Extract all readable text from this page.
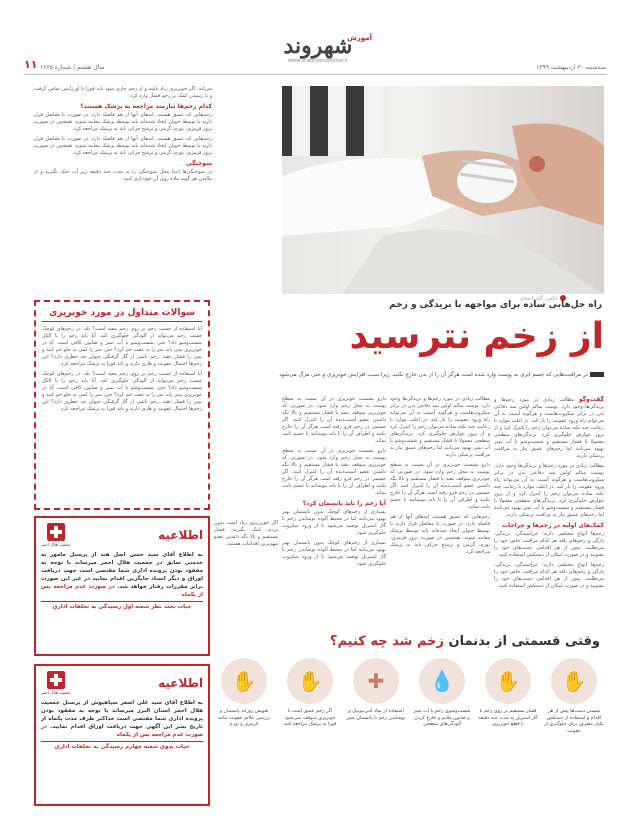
سه‌شنبه ۳۰ اردیبهشت ۱۳۹۹
آموزش
شهروند
www.shahrvandonline.ir
سال هشتم | شماره ۱۲۶۵
۱۱

می‌کند. اگر خونریزی زیاد باشد و از زخم جاری شود باید فورا با اورژانس تماس گرفت و تا رسیدن کمک بر زخم فشار وارد کرد.

کدام زخم‌ها نیازمند مراجعه به پزشک هستند؟

زخم‌هایی که عمیق هستند، لبه‌های آنها از هم فاصله دارد، در صورت یا مفاصل قرار دارند یا توسط حیوان ایجاد شده‌اند باید توسط پزشک معاینه شوند. همچنین در صورت بروز قرمزی، تورم، گرمی و ترشح چرکی باید به پزشک مراجعه کرد.

زخم‌هایی که عمیق هستند، لبه‌های آنها از هم فاصله دارد، در صورت یا مفاصل قرار دارند یا توسط حیوان ایجاد شده‌اند باید توسط پزشک معاینه شوند. همچنین در صورت بروز قرمزی، تورم، گرمی و ترشح چرکی باید به پزشک مراجعه کرد.

سوختگی

در سوختگی‌ها ابتدا محل سوختگی را به مدت چند دقیقه زیر آب خنک بگیرید و از مالیدن هر گونه ماده روی آن خودداری کنید.

عکس: گتی ایمیجز
راه حل‌هایی ساده برای مواجهه با بریدگی و زخم
از زخم نترسید
در مراقبت‌هایی که جسم ابری به پوست وارد شده است هرگز آن را از بدن خارج نکنید، زیرا سبب افزایش خونریزی و حتی مرگ می‌شود
سوالات متداول در مورد خونریزی

آیا استفاده از چسب زخم بر روی زخم مفید است؟ بله، در زخم‌های کوچک چسب زخم می‌تواند از آلودگی جلوگیری کند. آیا باید زخم را با الکل شست‌وشو داد؟ خیر، شست‌وشو با آب تمیز و صابون کافی است. آیا در خونریزی بینی باید سر را به عقب خم کرد؟ خیر، سر را کمی به جلو خم کنید و بینی را فشار دهید. زخم ناشی از گاز گرفتگی حیوان چه خطری دارد؟ این زخم‌ها احتمال عفونت و هاری دارند و باید فورا به پزشک مراجعه کرد.

آیا استفاده از چسب زخم بر روی زخم مفید است؟ بله، در زخم‌های کوچک چسب زخم می‌تواند از آلودگی جلوگیری کند. آیا باید زخم را با الکل شست‌وشو داد؟ خیر، شست‌وشو با آب تمیز و صابون کافی است. آیا در خونریزی بینی باید سر را به عقب خم کرد؟ خیر، سر را کمی به جلو خم کنید و بینی را فشار دهید. زخم ناشی از گاز گرفتگی حیوان چه خطری دارد؟ این زخم‌ها احتمال عفونت و هاری دارند و باید فورا به پزشک مراجعه کرد.

گفت‌وگو مطالب زیادی در مورد زخم‌ها و بریدگی‌ها وجود دارد. پوست سالم اولین سد دفاعی بدن در برابر میکروب‌هاست و هرگونه آسیب به آن می‌تواند راه ورود عفونت را باز کند. در اغلب موارد با رعایت چند نکته ساده می‌توان زخم را کنترل کرد و از بروز عوارض جلوگیری کرد. بریدگی‌های سطحی معمولا با فشار مستقیم و شست‌وشو با آب تمیز بهبود می‌یابند اما زخم‌های عمیق نیاز به مراقبت پزشکی دارند.

مطالب زیادی در مورد زخم‌ها و بریدگی‌ها وجود دارد. پوست سالم اولین سد دفاعی بدن در برابر میکروب‌هاست و هرگونه آسیب به آن می‌تواند راه ورود عفونت را باز کند. در اغلب موارد با رعایت چند نکته ساده می‌توان زخم را کنترل کرد و از بروز عوارض جلوگیری کرد. بریدگی‌های سطحی معمولا با فشار مستقیم و شست‌وشو با آب تمیز بهبود می‌یابند اما زخم‌های عمیق نیاز به مراقبت پزشکی دارند.

کمک‌های اولیه در زخم‌ها و جراحات

زخم‌ها انواع مختلفی دارند؛ خراشیدگی، بریدگی، پارگی و زخم‌های نافذ هر کدام مراقبت خاص خود را می‌طلبند. پیش از هر اقدامی دست‌های خود را بشویید و در صورت امکان از دستکش استفاده کنید.

زخم‌ها انواع مختلفی دارند؛ خراشیدگی، بریدگی، پارگی و زخم‌های نافذ هر کدام مراقبت خاص خود را می‌طلبند. پیش از هر اقدامی دست‌های خود را بشویید و در صورت امکان از دستکش استفاده کنید.

دارو بشست خونریزی در آن نسبت به سطح پوست به محل زخم وارد شود. در صورتی که خونریزی متوقف نشد با فشار مستقیم و بالا نگه داشتن عضو آسیب‌دیده آن را کنترل کنید. اگر جسمی در زخم فرو رفته است هرگز آن را خارج نکنید و اطراف آن را با باند بپوشانید تا جسم ثابت بماند.

دارو بشست خونریزی در آن نسبت به سطح پوست به محل زخم وارد شود. در صورتی که خونریزی متوقف نشد با فشار مستقیم و بالا نگه داشتن عضو آسیب‌دیده آن را کنترل کنید. اگر جسمی در زخم فرو رفته است هرگز آن را خارج نکنید و اطراف آن را با باند بپوشانید تا جسم ثابت بماند.

آیا زخم را باید پانسمان کرد؟

بسیاری از زخم‌های کوچک بدون پانسمان بهتر بهبود می‌یابند اما در محیط آلوده پوشاندن زخم با گاز استریل توصیه می‌شود تا از ورود میکروب جلوگیری شود.

بسیاری از زخم‌های کوچک بدون پانسمان بهتر بهبود می‌یابند اما در محیط آلوده پوشاندن زخم با گاز استریل توصیه می‌شود تا از ورود میکروب جلوگیری شود.

مطالب زیادی در مورد زخم‌ها و بریدگی‌ها وجود دارد. پوست سالم اولین سد دفاعی بدن در برابر میکروب‌هاست و هرگونه آسیب به آن می‌تواند راه ورود عفونت را باز کند. در اغلب موارد با رعایت چند نکته ساده می‌توان زخم را کنترل کرد و از بروز عوارض جلوگیری کرد. بریدگی‌های سطحی معمولا با فشار مستقیم و شست‌وشو با آب تمیز بهبود می‌یابند اما زخم‌های عمیق نیاز به مراقبت پزشکی دارند.

دارو بشست خونریزی در آن نسبت به سطح پوست به محل زخم وارد شود. در صورتی که خونریزی متوقف نشد با فشار مستقیم و بالا نگه داشتن عضو آسیب‌دیده آن را کنترل کنید. اگر جسمی در زخم فرو رفته است هرگز آن را خارج نکنید و اطراف آن را با باند بپوشانید تا جسم ثابت بماند.

زخم‌هایی که عمیق هستند، لبه‌های آنها از هم فاصله دارد، در صورت یا مفاصل قرار دارند یا توسط حیوان ایجاد شده‌اند باید توسط پزشک معاینه شوند. همچنین در صورت بروز قرمزی، تورم، گرمی و ترشح چرکی باید به پزشک مراجعه کرد.

اگر خون‌ریزی زیاد است بدون تردید کمک بگیرید؛ فشار مستقیم و بالا نگه داشتن عضو مهم‌ترین اقدامات هستند.

اطلاعیه
جمعیت هلال احمر
به اطلاع آقای سید حسن اصل هند از پرسنل مامور به خدمتی سابق در جمعیت هلال احمر میرساند با توجه به مفقود بودن پرونده اداری شما مقتضی است جهت دریافت اوراق و دیگر اسناد جایگزین اقدام نمایید در غیر این صورت برابر مقررات رفتار خواهد شد. در صورت عدم مراجعه پس از یکماه
حیات تحت نظر شعبه اول رسیدگی به تخلفات اداری
اطلاعیه
جمعیت هلال احمر
به اطلاع آقای سید علی اصغر سپاهپوش از پرسنل جمعیت هلال احمر استان البرز میرساند با توجه به مفقود بودن پرونده اداری شما مقتضی است حداکثر ظرف مدت یکماه از تاریخ نشر این آگهی جهت دریافت اوراق اقدام نمایید. در صورت عدم مراجعه پس از یکماه
حیات بدوی شعبه چهارم رسیدگی به تخلفات اداری
وقتی قسمتی از بدنمان زخم شد چه کنیم؟
✋
شستن دست‌ها پیش از هر اقدام و استفاده از دستکش یکبار مصرف برای جلوگیری از عفونت
✋
فشار مستقیم بر روی زخم با گاز استریل به مدت چند دقیقه تا قطع خونریزی
💧
شست‌وشوی زخم با آب تمیز و صابون ملایم و خارج کردن آلودگی‌های سطحی
✚
استفاده از پماد آنتی‌بیوتیک و پوشاندن زخم با پانسمان تمیز
✋
اگر زخم عمیق است یا خونریزی متوقف نمی‌شود فورا به پزشک مراجعه کنید
✋
تعویض روزانه پانسمان و بررسی علائم عفونت مانند قرمزی و تورم
